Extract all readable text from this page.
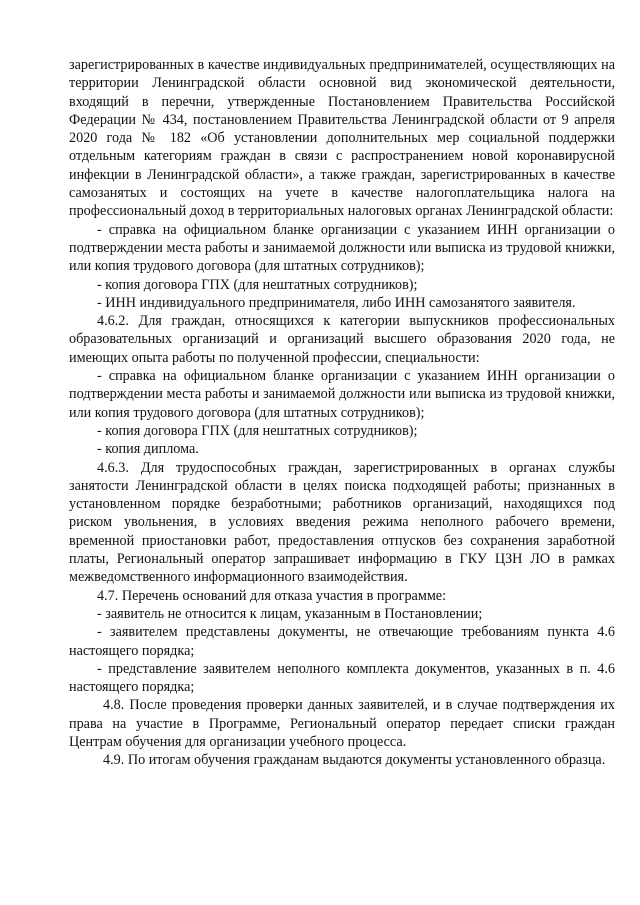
зарегистрированных в качестве индивидуальных предпринимателей, осуществляющих на территории Ленинградской области основной вид экономической деятельности, входящий в перечни, утвержденные Постановлением Правительства Российской Федерации № 434, постановлением Правительства Ленинградской области от 9 апреля 2020 года № 182 «Об установлении дополнительных мер социальной поддержки отдельным категориям граждан в связи с распространением новой коронавирусной инфекции в Ленинградской области», а также граждан, зарегистрированных в качестве самозанятых и состоящих на учете в качестве налогоплательщика налога на профессиональный доход в территориальных налоговых органах Ленинградской области:

- справка на официальном бланке организации с указанием ИНН организации о подтверждении места работы и занимаемой должности или выписка из трудовой книжки, или копия трудового договора (для штатных сотрудников);

- копия договора ГПХ (для нештатных сотрудников);

- ИНН индивидуального предпринимателя, либо ИНН самозанятого заявителя.

4.6.2. Для граждан, относящихся к категории выпускников профессиональных образовательных организаций и организаций высшего образования 2020 года, не имеющих опыта работы по полученной профессии, специальности:

- справка на официальном бланке организации с указанием ИНН организации о подтверждении места работы и занимаемой должности или выписка из трудовой книжки, или копия трудового договора (для штатных сотрудников);

- копия договора ГПХ (для нештатных сотрудников);

- копия диплома.

4.6.3. Для трудоспособных граждан, зарегистрированных в органах службы занятости Ленинградской области в целях поиска подходящей работы; признанных в установленном порядке безработными; работников организаций, находящихся под риском увольнения, в условиях введения режима неполного рабочего времени, временной приостановки работ, предоставления отпусков без сохранения заработной платы, Региональный оператор запрашивает информацию в ГКУ ЦЗН ЛО в рамках межведомственного информационного взаимодействия.

4.7. Перечень оснований для отказа участия в программе:

- заявитель не относится к лицам, указанным в Постановлении;

- заявителем представлены документы, не отвечающие требованиям пункта 4.6 настоящего порядка;

- представление заявителем неполного комплекта документов, указанных в п. 4.6 настоящего порядка;

4.8. После проведения проверки данных заявителей, и в случае подтверждения их права на участие в Программе, Региональный оператор передает списки граждан Центрам обучения для организации учебного процесса.

4.9. По итогам обучения гражданам выдаются документы установленного образца.
